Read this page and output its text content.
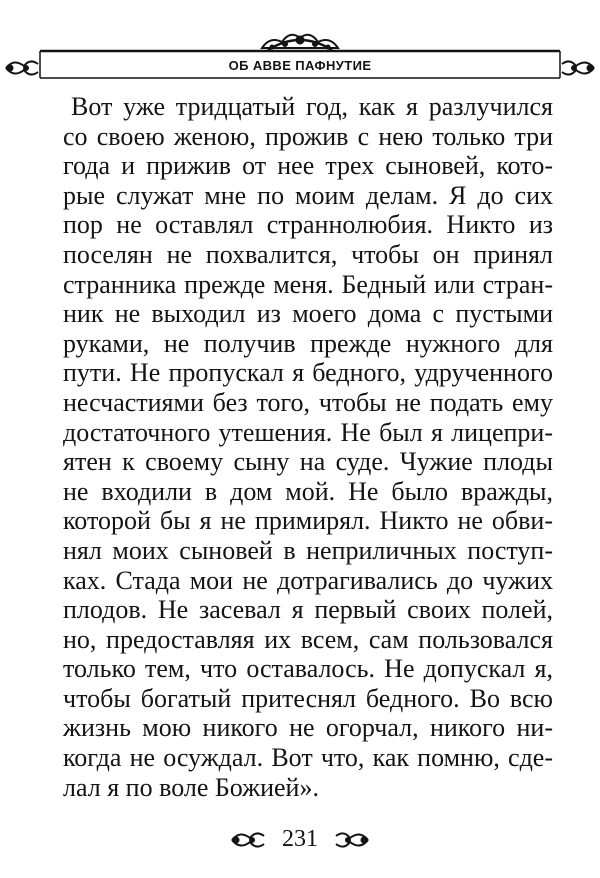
ОБ АВВЕ ПАФНУТИЕ
Вот уже тридцатый год, как я разлучился
со своею женою, прожив с нею только три
года и прижив от нее трех сыновей, кото-
рые служат мне по моим делам. Я до сих
пор не оставлял страннолюбия. Никто из
поселян не похвалится, чтобы он принял
странника прежде меня. Бедный или стран-
ник не выходил из моего дома с пустыми
руками, не получив прежде нужного для
пути. Не пропускал я бедного, удрученного
несчастиями без того, чтобы не подать ему
достаточного утешения. Не был я лицепри-
ятен к своему сыну на суде. Чужие плоды
не входили в дом мой. Не было вражды,
которой бы я не примирял. Никто не обви-
нял моих сыновей в неприличных поступ-
ках. Стада мои не дотрагивались до чужих
плодов. Не засевал я первый своих полей,
но, предоставляя их всем, сам пользовался
только тем, что оставалось. Не допускал я,
чтобы богатый притеснял бедного. Во всю
жизнь мою никого не огорчал, никого ни-
когда не осуждал. Вот что, как помню, сде-
лал я по воле Божией».
231
